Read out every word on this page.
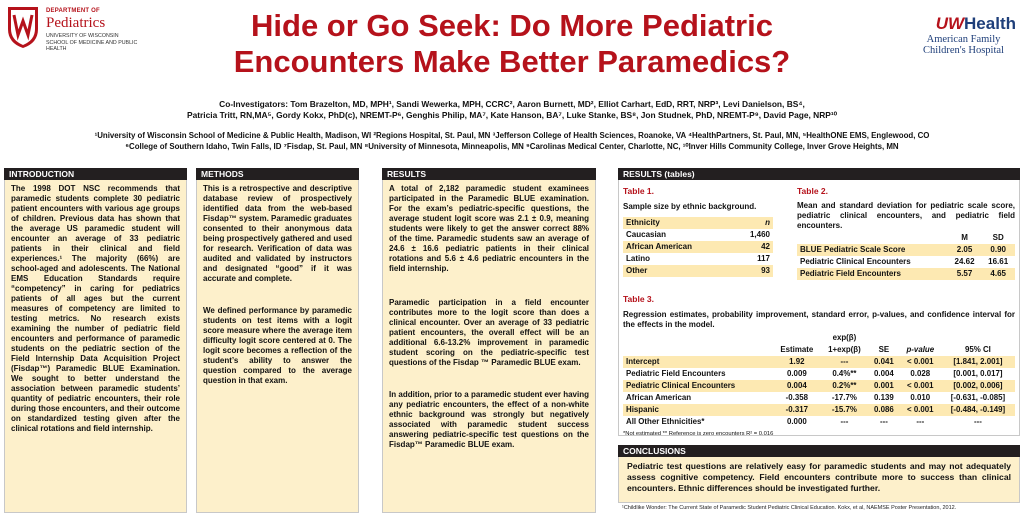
DEPARTMENT OF
Pediatrics
UNIVERSITY OF WISCONSIN
SCHOOL OF MEDICINE AND PUBLIC HEALTH
UWHealth
American Family
Children's Hospital
Hide or Go Seek: Do More Pediatric
Encounters Make Better Paramedics?
Co-Investigators: Tom Brazelton, MD, MPH¹, Sandi Wewerka, MPH, CCRC², Aaron Burnett, MD², Elliot Carhart, EdD, RRT, NRP³, Levi Danielson, BS⁴,
Patricia Tritt, RN,MA⁵, Gordy Kokx, PhD(c), NREMT-P⁶, Genghis Philip, MA⁷, Kate Hanson, BA⁷, Luke Stanke, BS⁸, Jon Studnek, PhD, NREMT-P⁹, David Page, NRP¹⁰
¹University of Wisconsin School of Medicine & Public Health, Madison, WI ²Regions Hospital, St. Paul, MN ³Jefferson College of Health Sciences, Roanoke, VA ⁴HealthPartners, St. Paul, MN, ⁵HealthONE EMS, Englewood, CO
⁶College of Southern Idaho, Twin Falls, ID ⁷Fisdap, St. Paul, MN ⁸University of Minnesota, Minneapolis, MN ⁹Carolinas Medical Center, Charlotte, NC, ¹⁰Inver Hills Community College, Inver Grove Heights, MN
INTRODUCTION
The 1998 DOT NSC recommends that paramedic students complete 30 pediatric patient encounters with various age groups of children. Previous data has shown that the average US paramedic student will encounter an average of 33 pediatric patients in their clinical and field experiences.¹ The majority (66%) are school-aged and adolescents. The National EMS Education Standards require “competency” in caring for pediatrics patients of all ages but the current measures of competency are limited to testing metrics. No research exists examining the number of pediatric field encounters and performance of paramedic students on the pediatric section of the Field Internship Data Acquisition Project (Fisdap™) Paramedic BLUE Examination. We sought to better understand the association between paramedic students’ quantity of pediatric encounters, their role during those encounters, and their outcome on standardized testing given after the clinical rotations and field internship.
METHODS
This is a retrospective and descriptive database review of prospectively identified data from the web-based Fisdap™ system. Paramedic graduates consented to their anonymous data being prospectively gathered and used for research. Verification of data was audited and validated by instructors and designated “good” if it was accurate and complete.
We defined performance by paramedic students on test items with a logit score measure where the average item difficulty logit score centered at 0. The logit score becomes a reflection of the student’s ability to answer the question compared to the average question in that exam.
RESULTS
A total of 2,182 paramedic student examinees participated in the Paramedic BLUE examination. For the exam’s pediatric-specific questions, the average student logit score was 2.1 ± 0.9, meaning students were likely to get the answer correct 88% of the time. Paramedic students saw an average of 24.6 ± 16.6 pediatric patients in their clinical rotations and 5.6 ± 4.6 pediatric encounters in the field internship.
Paramedic participation in a field encounter contributes more to the logit score than does a clinical encounter. Over an average of 33 pediatric patient encounters, the overall effect will be an additional 6.6-13.2% improvement in paramedic student scoring on the pediatric-specific test questions of the Fisdap ™ Paramedic BLUE exam.
In addition, prior to a paramedic student ever having any pediatric encounters, the effect of a non-white ethnic background was strongly but negatively associated with paramedic student success answering pediatric-specific test questions on the Fisdap™ Paramedic BLUE exam.
RESULTS (tables)
Table 1.
Sample size by ethnic background.
Ethnicity	n
Caucasian	1,460
African American	42
Latino	117
Other	93
Table 2.
Mean and standard deviation for pediatric scale score, pediatric clinical encounters, and pediatric field encounters.
	M	SD
BLUE Pediatric Scale Score	2.05	0.90
Pediatric Clinical Encounters	24.62	16.61
Pediatric Field Encounters	5.57	4.65
Table 3.
Regression estimates, probability improvement, standard error, p-values, and confidence interval for the effects in the model.
		exp(β)			
	Estimate	1+exp(β)	SE	p-value	95% CI
Intercept	1.92	---	0.041	< 0.001	[1.841, 2.001]
Pediatric Field Encounters	0.009	0.4%**	0.004	0.028	[0.001, 0.017]
Pediatric Clinical Encounters	0.004	0.2%**	0.001	< 0.001	[0.002, 0.006]
African American	-0.358	-17.7%	0.139	0.010	[-0.631, -0.085]
Hispanic	-0.317	-15.7%	0.086	< 0.001	[-0.484, -0.149]
All Other Ethnicities*	0.000	---	---	---	---
*Not estimated ** Reference is zero encounters R² = 0.016
CONCLUSIONS
Pediatric test questions are relatively easy for paramedic students and may not adequately assess cognitive competency. Field encounters contribute more to success than clinical encounters. Ethnic differences should be investigated further.
¹Childlike Wonder: The Current State of Paramedic Student Pediatric Clinical Education. Kokx, et al, NAEMSE Poster Presentation, 2012.
